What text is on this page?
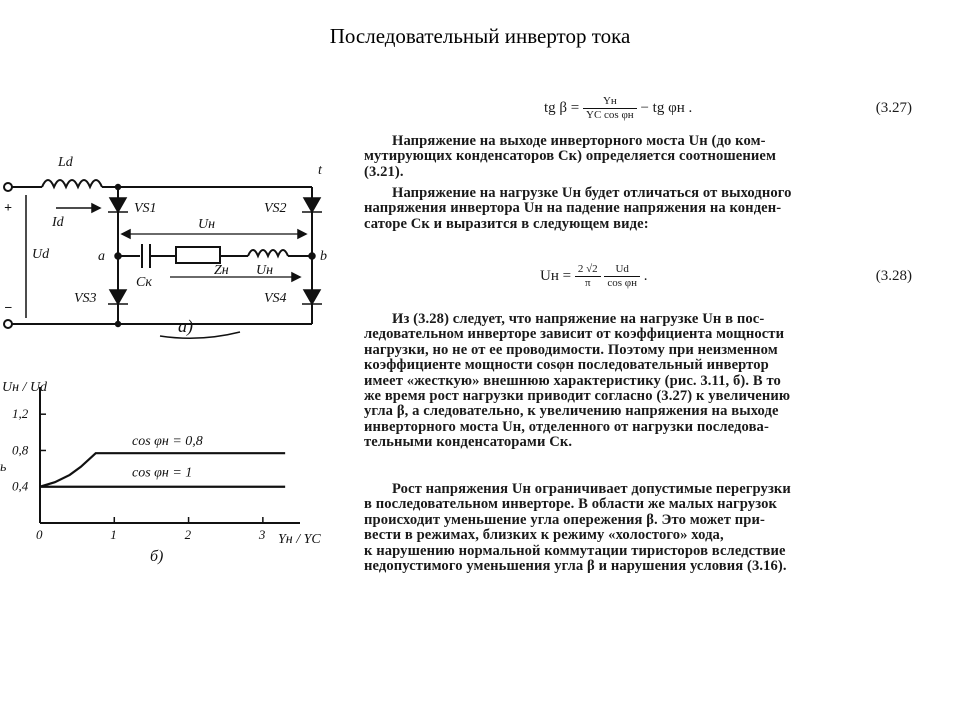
Последовательный инвертор тока
+
−
Ld
Id
Ud
VS1	VS2
VS3	VS4
a	b
Uн
Uн
Cк
Zн
t
а)
0	1	2	3
0,4
0,8
1,2
Uн / Ud
Yн / YC
ь
б)
cos φн = 0,8
cos φн = 1
tg $\beta = \frac{Yн}{\text{YC cos φн}}$ − tg φн .	(3.27)
Напряжение на выходе инверторного моста Uн (до ком-
мутирующих конденсаторов Cк) определяется соотношением
(3.21).
Напряжение на нагрузке Uн будет отличаться от выходного
напряжения инвертора Uн на падение напряжения на конден-
саторе Cк и выразится в следующем виде:
Uн = $\frac{2 √2}{\pi}$
$\frac{Ud}{\text{cos φн}}$ .	(3.28)
Из (3.28) следует, что напряжение на нагрузке Uн в пос-
ледовательном инверторе зависит от коэффициента мощности
нагрузки, но не от ее проводимости. Поэтому при неизменном
коэффициенте мощности cosφн последовательный инвертор
имеет «жесткую» внешнюю характеристику (рис. 3.11, б). В то
же время рост нагрузки приводит согласно (3.27) к увеличению
угла β, а следовательно, к увеличению напряжения на выходе
инверторного моста Uн, отделенного от нагрузки последова-
тельными конденсаторами Cк.
Рост напряжения Uн ограничивает допустимые перегрузки
в последовательном инверторе. В области же малых нагрузок
происходит уменьшение угла опережения β. Это может при-
вести в режимах, близких к режиму «холостого» хода,
к нарушению нормальной коммутации тиристоров вследствие
недопустимого уменьшения угла β и нарушения условия (3.16).
